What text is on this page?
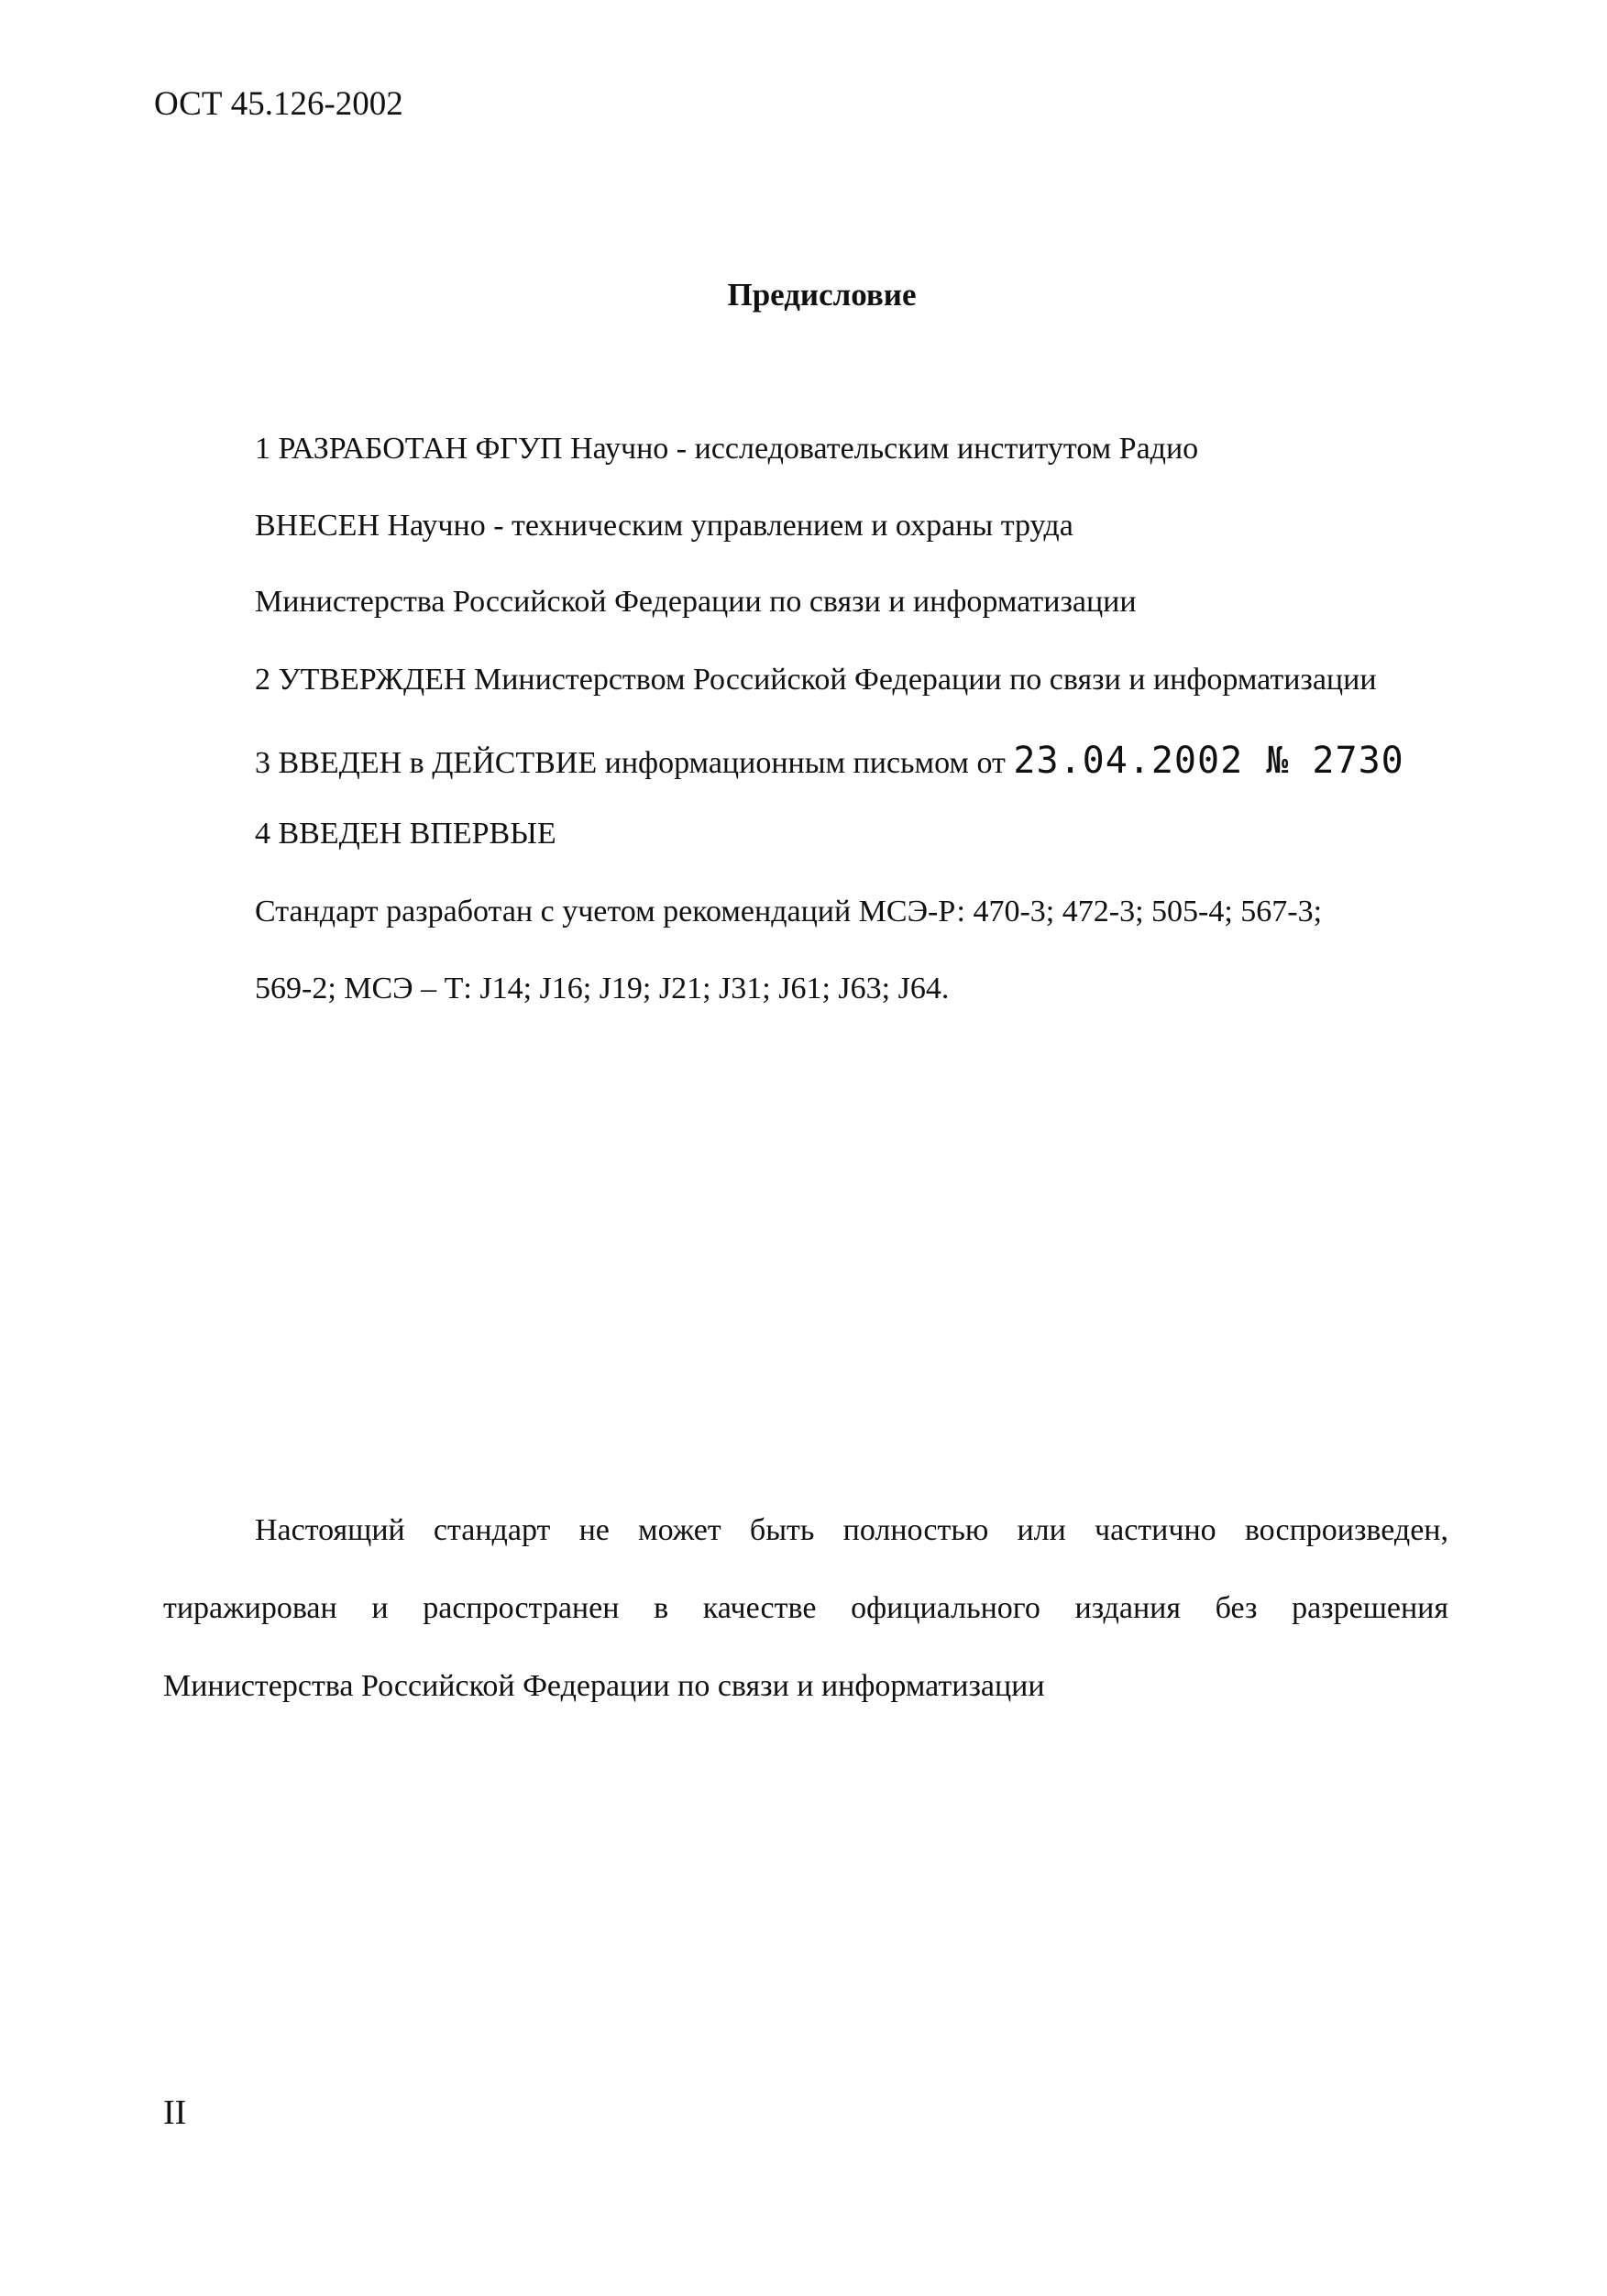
ОСТ 45.126-2002
Предисловие
1 РАЗРАБОТАН ФГУП Научно - исследовательским институтом Радио
ВНЕСЕН Научно - техническим управлением и охраны труда
Министерства Российской Федерации по связи и информатизации
2 УТВЕРЖДЕН Министерством Российской Федерации по связи и информатизации
3 ВВЕДЕН в ДЕЙСТВИЕ информационным письмом от 23.04.2002 № 2730
4 ВВЕДЕН ВПЕРВЫЕ
Стандарт разработан с учетом рекомендаций МСЭ-Р: 470-3; 472-3; 505-4; 567-3;
569-2; МСЭ – Т: J14; J16; J19; J21; J31; J61; J63; J64.
Настоящий стандарт не может быть полностью или частично воспроизведен,
тиражирован и распространен в качестве официального издания без разрешения
Министерства Российской Федерации по связи и информатизации
II
